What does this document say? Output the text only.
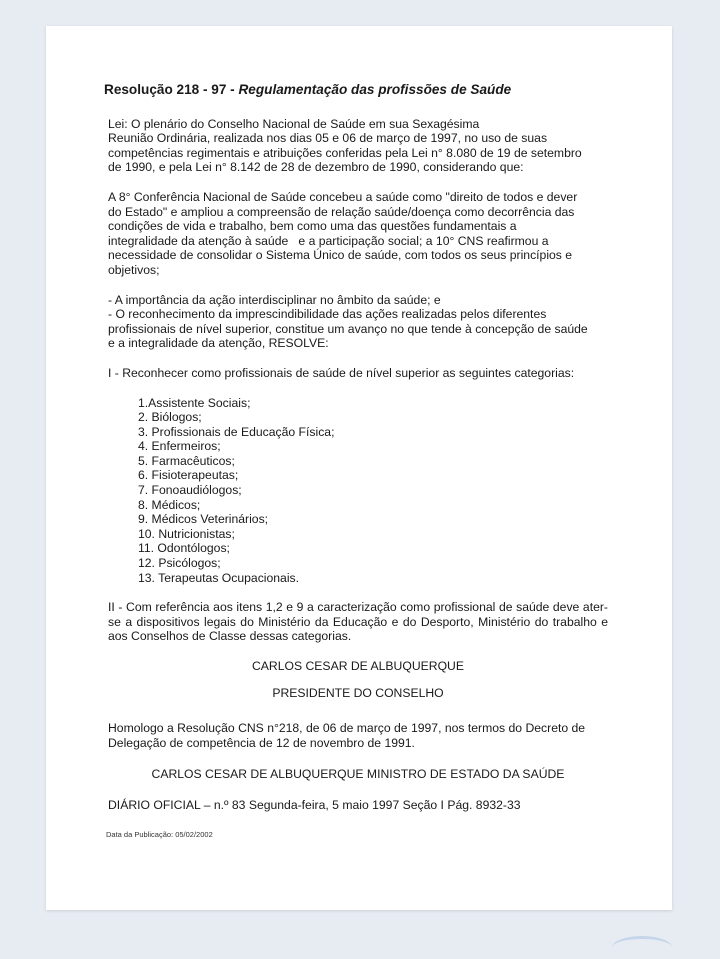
Resolução 218 - 97 - Regulamentação das profissões de Saúde

Lei: O plenário do Conselho Nacional de Saúde em sua Sexagésima

Reunião Ordinária, realizada nos dias 05 e 06 de março de 1997, no uso de suas

competências regimentais e atribuições conferidas pela Lei n° 8.080 de 19 de setembro

de 1990, e pela Lei n° 8.142 de 28 de dezembro de 1990, considerando que:

A 8° Conferência Nacional de Saúde concebeu a saúde como "direito de todos e dever

do Estado" e ampliou a compreensão de relação saúde/doença como decorrência das

condições de vida e trabalho, bem como uma das questões fundamentais a

integralidade da atenção à saúde   e a participação social; a 10° CNS reafirmou a

necessidade de consolidar o Sistema Único de saúde, com todos os seus princípios e

objetivos;

- A importância da ação interdisciplinar no âmbito da saúde; e

- O reconhecimento da imprescindibilidade das ações realizadas pelos diferentes

profissionais de nível superior, constitue um avanço no que tende à concepção de saúde

e a integralidade da atenção, RESOLVE:

I - Reconhecer como profissionais de saúde de nível superior as seguintes categorias:

1.Assistente Sociais;
2. Biólogos;
3. Profissionais de Educação Física;
4. Enfermeiros;
5. Farmacêuticos;
6. Fisioterapeutas;
7. Fonoaudiólogos;
8. Médicos;
9. Médicos Veterinários;
10. Nutricionistas;
11. Odontólogos;
12. Psicólogos;
13. Terapeutas Ocupacionais.

II - Com referência aos itens 1,2 e 9 a caracterização como profissional de saúde deve ater-se a dispositivos legais do Ministério da Educação e do Desporto, Ministério do trabalho e aos Conselhos de Classe dessas categorias.

CARLOS CESAR DE ALBUQUERQUE

PRESIDENTE DO CONSELHO

Homologo a Resolução CNS n°218, de 06 de março de 1997, nos termos do Decreto de Delegação de competência de 12 de novembro de 1991.

CARLOS CESAR DE ALBUQUERQUE MINISTRO DE ESTADO DA SAÚDE

DIÁRIO OFICIAL – n.º 83 Segunda-feira, 5 maio 1997 Seção I Pág. 8932-33

Data da Publicação: 05/02/2002
